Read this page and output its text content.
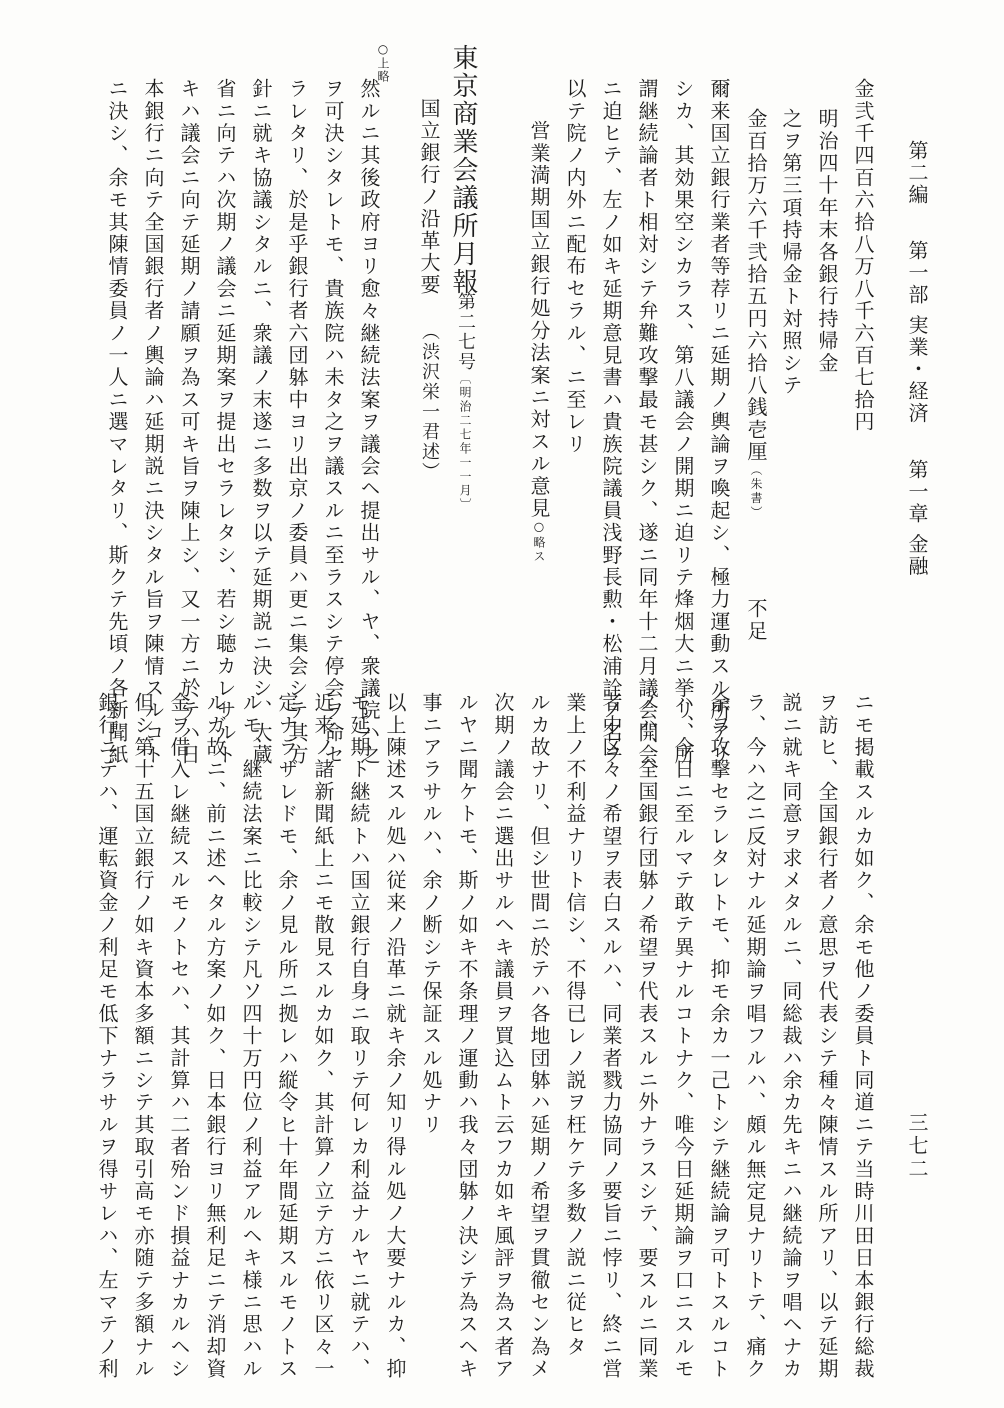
第二編 第一部 実業・経済 第一章 金融
三七二
金弐千四百六拾八万八千六百七拾円
明治四十年末各銀行持帰金
之ヲ第三項持帰金ト対照シテ
金百拾万六千弐拾五円六拾八銭壱厘（朱書）
不足
爾来国立銀行業者等荐リニ延期ノ輿論ヲ喚起シ、極力運動スル所アリ
シカ、其効果空シカラス、第八議会ノ開期ニ迫リテ烽烟大ニ挙リ、所
謂継続論者ト相対シテ弁難攻撃最モ甚シク、遂ニ同年十二月議会開会
ニ迫ヒテ、左ノ如キ延期意見書ハ貴族院議員浅野長勲・松浦詮ノ名ヲ
以テ院ノ内外ニ配布セラル、ニ至レリ
営業満期国立銀行処分法案ニ対スル意見○略ス
東京商業会議所月報
第二七号〔明治二七年一一月〕
国立銀行ノ沿革大要
（渋沢栄一君述）
○上略
然ルニ其後政府ヨリ愈々継続法案ヲ議会ヘ提出サル、ヤ、衆議院ハ之
ヲ可決シタレトモ、貴族院ハ未タ之ヲ議スルニ至ラスシテ停会ヲ命セ
ラレタリ、於是乎銀行者六団躰中ヨリ出京ノ委員ハ更ニ集会シテ其方
針ニ就キ協議シタルニ、衆議ノ末遂ニ多数ヲ以テ延期説ニ決シ、大蔵
省ニ向テハ次期ノ議会ニ延期案ヲ提出セラレタシ、若シ聴カレサルト
キハ議会ニ向テ延期ノ請願ヲ為ス可キ旨ヲ陳上シ、又一方ニ於テハ日
本銀行ニ向テ全国銀行者ノ輿論ハ延期説ニ決シタル旨ヲ陳情スルコト
ニ決シ、余モ其陳情委員ノ一人ニ選マレタリ、斯クテ先頃ノ各新聞紙
ニモ掲載スルカ如ク、余モ他ノ委員ト同道ニテ当時川田日本銀行総裁
ヲ訪ヒ、全国銀行者ノ意思ヲ代表シテ種々陳情スル所アリ、以テ延期
説ニ就キ同意ヲ求メタルニ、同総裁ハ余カ先キニハ継続論ヲ唱ヘナカ
ラ、今ハ之ニ反対ナル延期論ヲ唱フルハ、頗ル無定見ナリトテ、痛ク
余ヲ攻撃セラレタレトモ、抑モ余カ一己トシテ継続論ヲ可トスルコト
ハ、今日ニ至ルマテ敢テ異ナルコトナク、唯今日延期論ヲ口ニスルモ
ノハ、全国銀行団躰ノ希望ヲ代表スルニ外ナラスシテ、要スルニ同業
者中区々ノ希望ヲ表白スルハ、同業者戮力協同ノ要旨ニ悖リ、終ニ営
業上ノ不利益ナリト信シ、不得已レノ説ヲ枉ケテ多数ノ説ニ従ヒタ
ルカ故ナリ、但シ世間ニ於テハ各地団躰ハ延期ノ希望ヲ貫徹セン為メ
次期ノ議会ニ選出サルヘキ議員ヲ買込ムト云フカ如キ風評ヲ為ス者ア
ルヤニ聞ケトモ、斯ノ如キ不条理ノ運動ハ我々団躰ノ決シテ為スヘキ
事ニアラサルハ、余ノ断シテ保証スル処ナリ
以上陳述スル処ハ従来ノ沿革ニ就キ余ノ知リ得ル処ノ大要ナルカ、抑
モ延期ト継続トハ国立銀行自身ニ取リテ何レカ利益ナルヤニ就テハ、
近来ノ諸新聞紙上ニモ散見スルカ如ク、其計算ノ立テ方ニ依リ区々一
定ナラザレドモ、余ノ見ル所ニ拠レハ縦令ヒ十年間延期スルモノトス
ルモ、継続法案ニ比較シテ凡ソ四十万円位ノ利益アルヘキ様ニ思ハル
ルガ故ニ、前ニ述ヘタル方案ノ如ク、日本銀行ヨリ無利足ニテ消却資
金ヲ借入レ継続スルモノトセハ、其計算ハ二者殆ンド損益ナカルヘシ
但シ第十五国立銀行ノ如キ資本多額ニシテ其取引高モ亦随テ多額ナル
銀行ニテハ、運転資金ノ利足モ低下ナラサルヲ得サレハ、左マテノ利
